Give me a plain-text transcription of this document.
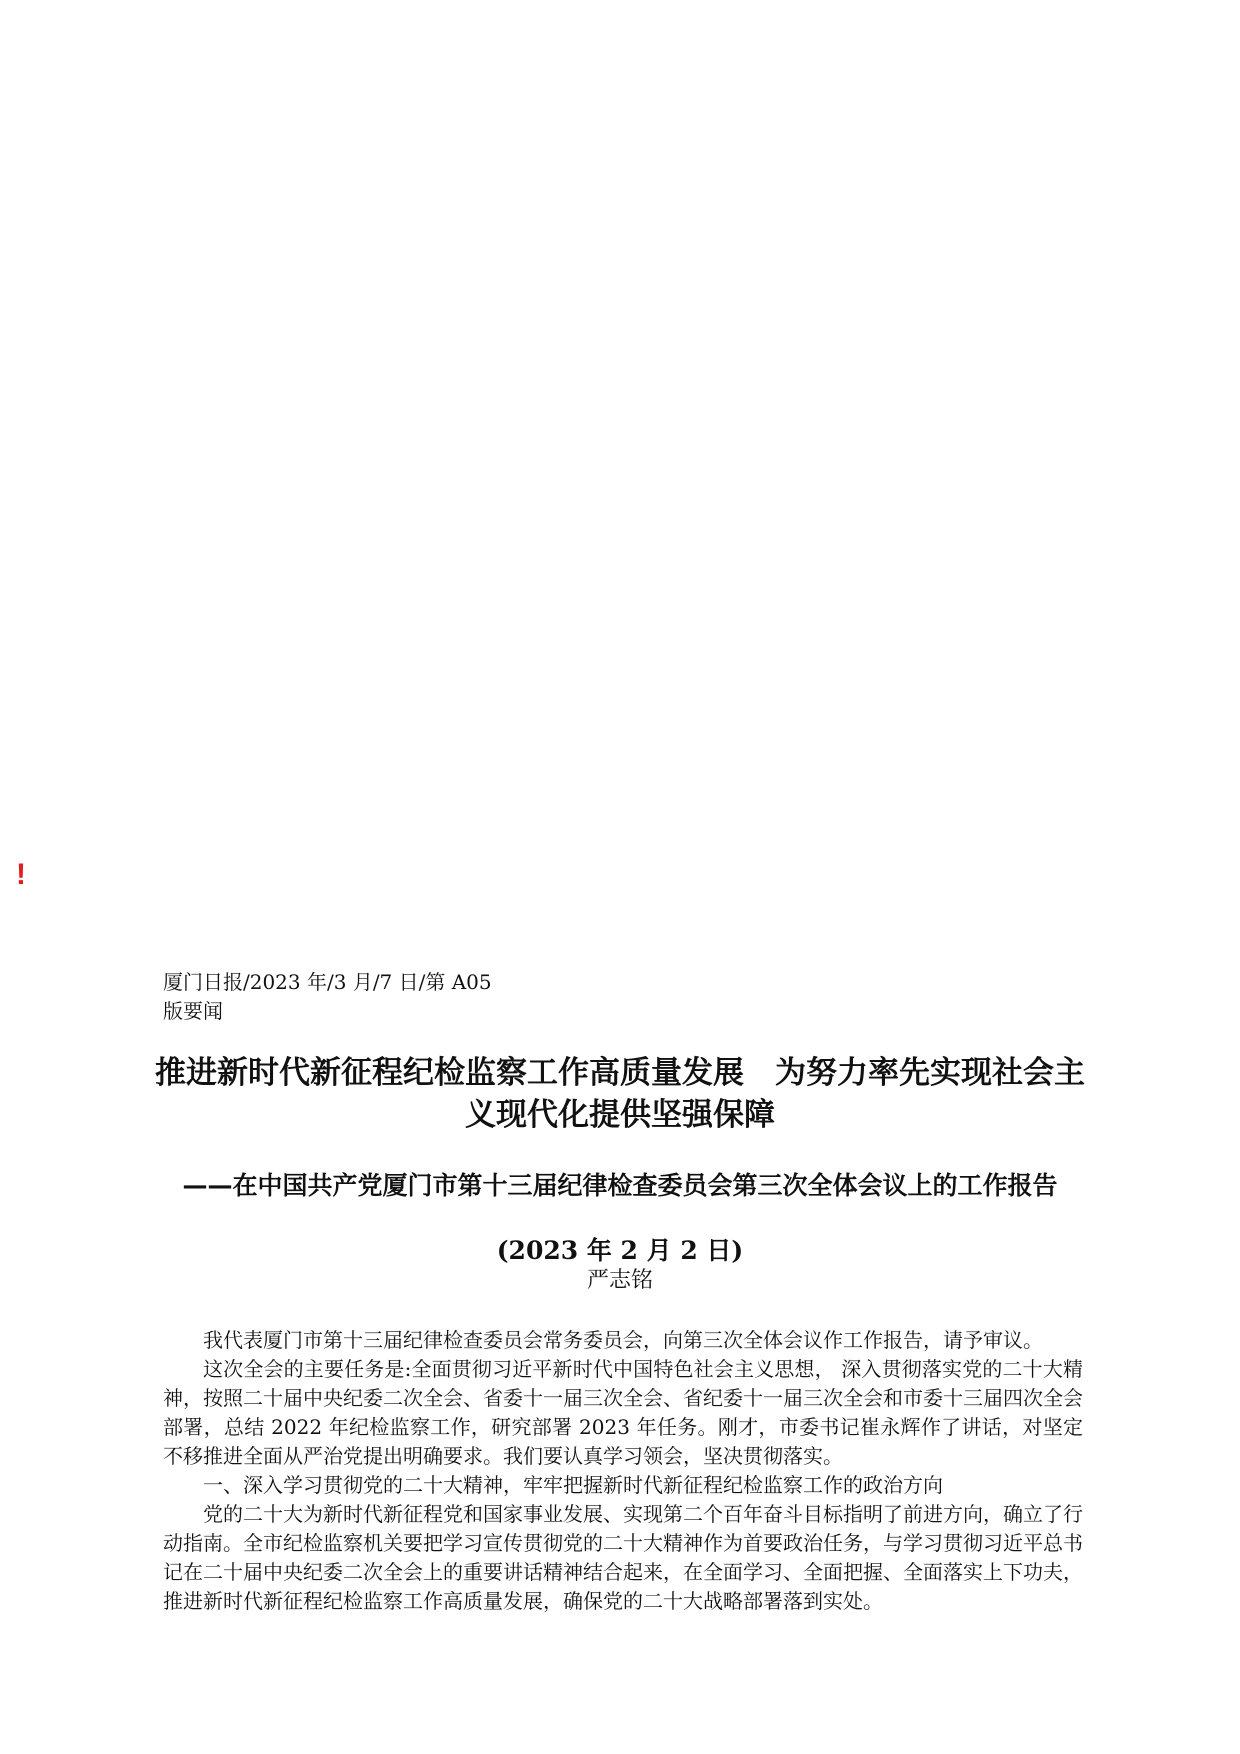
!

厦门日报/2023 年/3 月/7 日/第 A05 版要闻

推进新时代新征程纪检监察工作高质量发展　为努力率先实现社会主义现代化提供坚强保障
——在中国共产党厦门市第十三届纪律检查委员会第三次全体会议上的工作报告

(2023 年 2 月 2 日)

严志铭

我代表厦门市第十三届纪律检查委员会常务委员会，向第三次全体会议作工作报告，请予审议。

这次全会的主要任务是:全面贯彻习近平新时代中国特色社会主义思想， 深入贯彻落实党的二十大精神，按照二十届中央纪委二次全会、省委十一届三次全会、省纪委十一届三次全会和市委十三届四次全会部署，总结 2022 年纪检监察工作，研究部署 2023 年任务。刚才，市委书记崔永辉作了讲话，对坚定不移推进全面从严治党提出明确要求。我们要认真学习领会，坚决贯彻落实。

一、深入学习贯彻党的二十大精神，牢牢把握新时代新征程纪检监察工作的政治方向

党的二十大为新时代新征程党和国家事业发展、实现第二个百年奋斗目标指明了前进方向，确立了行动指南。全市纪检监察机关要把学习宣传贯彻党的二十大精神作为首要政治任务，与学习贯彻习近平总书记在二十届中央纪委二次全会上的重要讲话精神结合起来，在全面学习、全面把握、全面落实上下功夫，推进新时代新征程纪检监察工作高质量发展，确保党的二十大战略部署落到实处。
